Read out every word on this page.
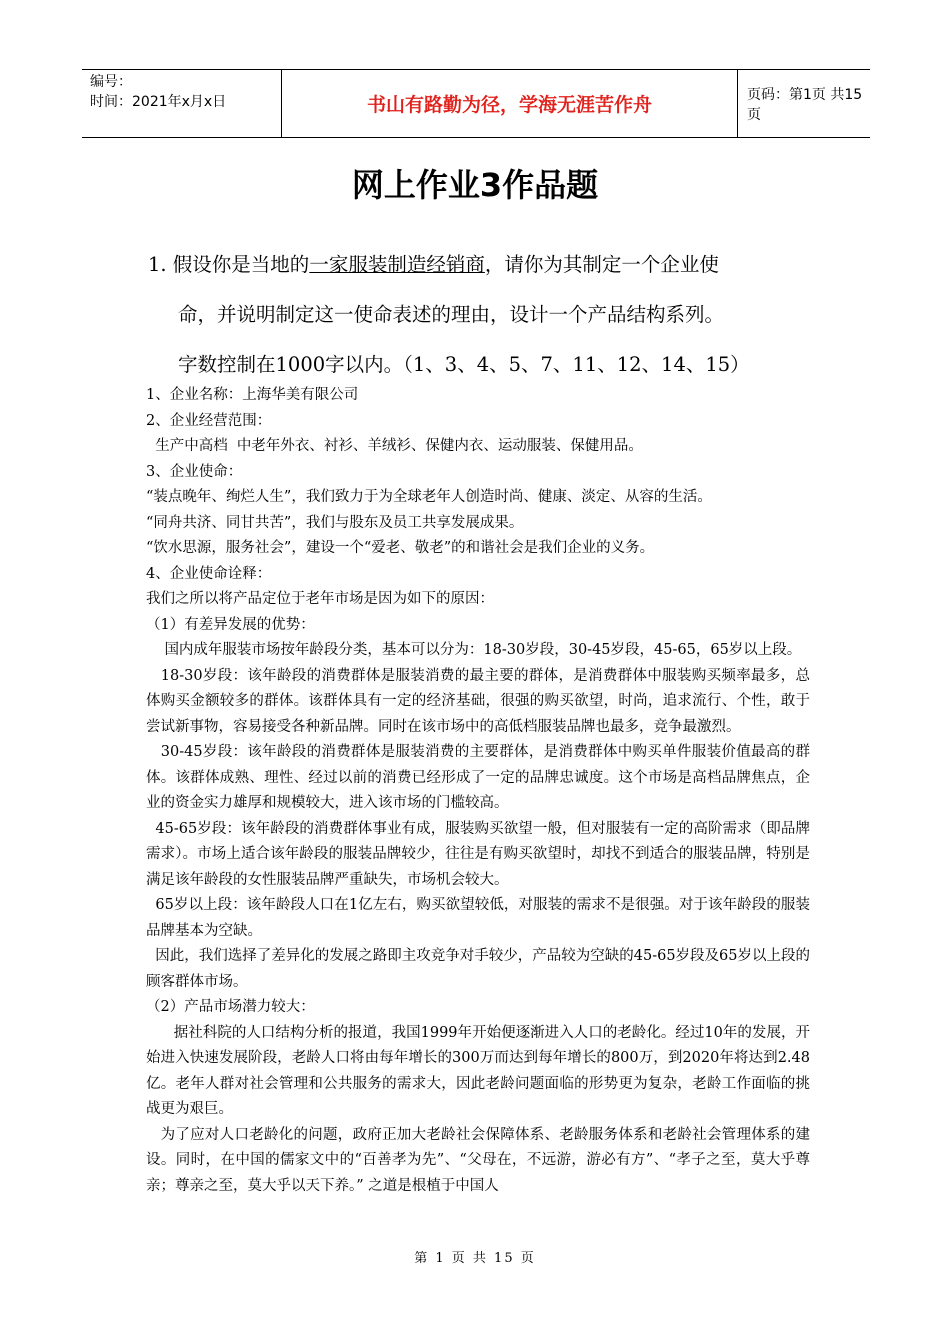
编号：
时间：2021年x月x日	书山有路勤为径，学海无涯苦作舟	页码：第1页 共15页
网上作业3作品题
1. 假设你是当地的一家服装制造经销商，请你为其制定一个企业使
命，并说明制定这一使命表述的理由，设计一个产品结构系列。
字数控制在1000字以内。（1、3、4、5、7、11、12、14、15）

1、企业名称：上海华美有限公司

2、企业经营范围：

生产中高档  中老年外衣、衬衫、羊绒衫、保健内衣、运动服装、保健用品。

3、企业使命：

“装点晚年、绚烂人生”，我们致力于为全球老年人创造时尚、健康、淡定、从容的生活。

“同舟共济、同甘共苦”，我们与股东及员工共享发展成果。

“饮水思源，服务社会”，建设一个“爱老、敬老”的和谐社会是我们企业的义务。

4、企业使命诠释：

我们之所以将产品定位于老年市场是因为如下的原因：

（1）有差异发展的优势：

国内成年服装市场按年龄段分类，基本可以分为：18-30岁段，30-45岁段，45-65，65岁以上段。

18-30岁段：该年龄段的消费群体是服装消费的最主要的群体，是消费群体中服装购买频率最多，总体购买金额较多的群体。该群体具有一定的经济基础，很强的购买欲望，时尚，追求流行、个性，敢于尝试新事物，容易接受各种新品牌。同时在该市场中的高低档服装品牌也最多，竞争最激烈。

30-45岁段：该年龄段的消费群体是服装消费的主要群体，是消费群体中购买单件服装价值最高的群体。该群体成熟、理性、经过以前的消费已经形成了一定的品牌忠诚度。这个市场是高档品牌焦点，企业的资金实力雄厚和规模较大，进入该市场的门槛较高。

45-65岁段：该年龄段的消费群体事业有成，服装购买欲望一般，但对服装有一定的高阶需求（即品牌需求）。市场上适合该年龄段的服装品牌较少，往往是有购买欲望时，却找不到适合的服装品牌，特别是满足该年龄段的女性服装品牌严重缺失，市场机会较大。

65岁以上段：该年龄段人口在1亿左右，购买欲望较低，对服装的需求不是很强。对于该年龄段的服装品牌基本为空缺。

因此，我们选择了差异化的发展之路即主攻竞争对手较少，产品较为空缺的45-65岁段及65岁以上段的顾客群体市场。

（2）产品市场潜力较大：

据社科院的人口结构分析的报道，我国1999年开始便逐渐进入人口的老龄化。经过10年的发展，开始进入快速发展阶段，老龄人口将由每年增长的300万而达到每年增长的800万，到2020年将达到2.48亿。老年人群对社会管理和公共服务的需求大，因此老龄问题面临的形势更为复杂，老龄工作面临的挑战更为艰巨。

为了应对人口老龄化的问题，政府正加大老龄社会保障体系、老龄服务体系和老龄社会管理体系的建设。同时，在中国的儒家文中的“百善孝为先”、“父母在，不远游，游必有方”、“孝子之至，莫大乎尊亲；尊亲之至，莫大乎以天下养。” 之道是根植于中国人

第 1 页 共 15 页
